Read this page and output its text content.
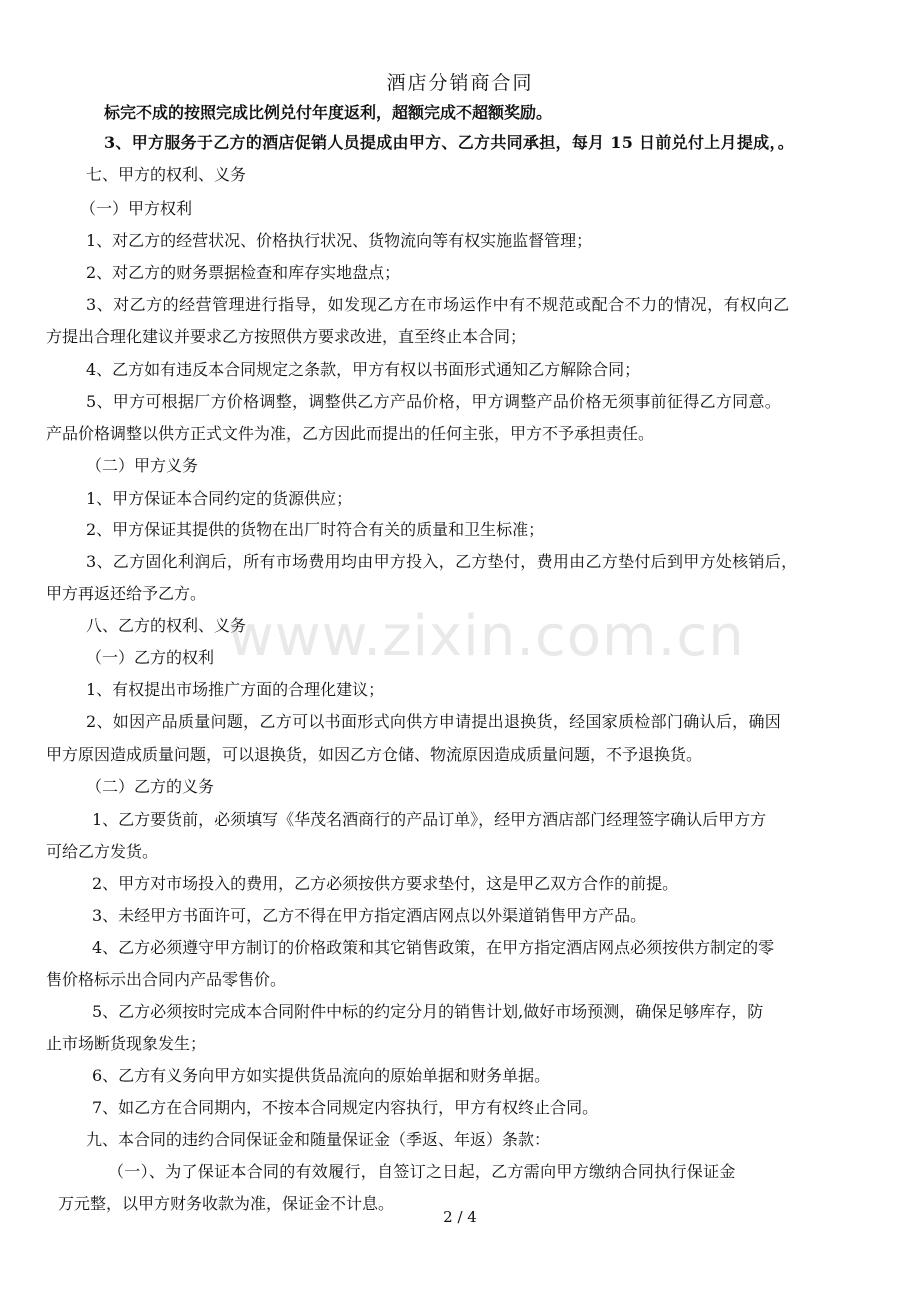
酒店分销商合同
标完不成的按照完成比例兑付年度返利，超额完成不超额奖励。
3、甲方服务于乙方的酒店促销人员提成由甲方、乙方共同承担，每月 15 日前兑付上月提成，。
七、甲方的权利、义务
（一）甲方权利
1、对乙方的经营状况、价格执行状况、货物流向等有权实施监督管理；
2、对乙方的财务票据检查和库存实地盘点；
3、对乙方的经营管理进行指导，如发现乙方在市场运作中有不规范或配合不力的情况，有权向乙
方提出合理化建议并要求乙方按照供方要求改进，直至终止本合同；
4、乙方如有违反本合同规定之条款，甲方有权以书面形式通知乙方解除合同；
5、甲方可根据厂方价格调整，调整供乙方产品价格，甲方调整产品价格无须事前征得乙方同意。
产品价格调整以供方正式文件为准，乙方因此而提出的任何主张，甲方不予承担责任。
（二）甲方义务
1、甲方保证本合同约定的货源供应；
2、甲方保证其提供的货物在出厂时符合有关的质量和卫生标准；
3、乙方固化利润后，所有市场费用均由甲方投入，乙方垫付，费用由乙方垫付后到甲方处核销后，
甲方再返还给予乙方。
八、乙方的权利、义务
（一）乙方的权利
1、有权提出市场推广方面的合理化建议；
2、如因产品质量问题，乙方可以书面形式向供方申请提出退换货，经国家质检部门确认后，确因
甲方原因造成质量问题，可以退换货，如因乙方仓储、物流原因造成质量问题，不予退换货。
（二）乙方的义务
1、乙方要货前，必须填写《华茂名酒商行的产品订单》，经甲方酒店部门经理签字确认后甲方方
可给乙方发货。
2、甲方对市场投入的费用，乙方必须按供方要求垫付，这是甲乙双方合作的前提。
3、未经甲方书面许可，乙方不得在甲方指定酒店网点以外渠道销售甲方产品。
4、乙方必须遵守甲方制订的价格政策和其它销售政策，在甲方指定酒店网点必须按供方制定的零
售价格标示出合同内产品零售价。
5、乙方必须按时完成本合同附件中标的约定分月的销售计划,做好市场预测，确保足够库存，防
止市场断货现象发生；
6、乙方有义务向甲方如实提供货品流向的原始单据和财务单据。
7、如乙方在合同期内，不按本合同规定内容执行，甲方有权终止合同。
九、本合同的违约合同保证金和随量保证金（季返、年返）条款：
（一）、为了保证本合同的有效履行，自签订之日起，乙方需向甲方缴纳合同执行保证金
万元整，以甲方财务收款为准，保证金不计息。
www.zixin.com.cn
2 / 4
